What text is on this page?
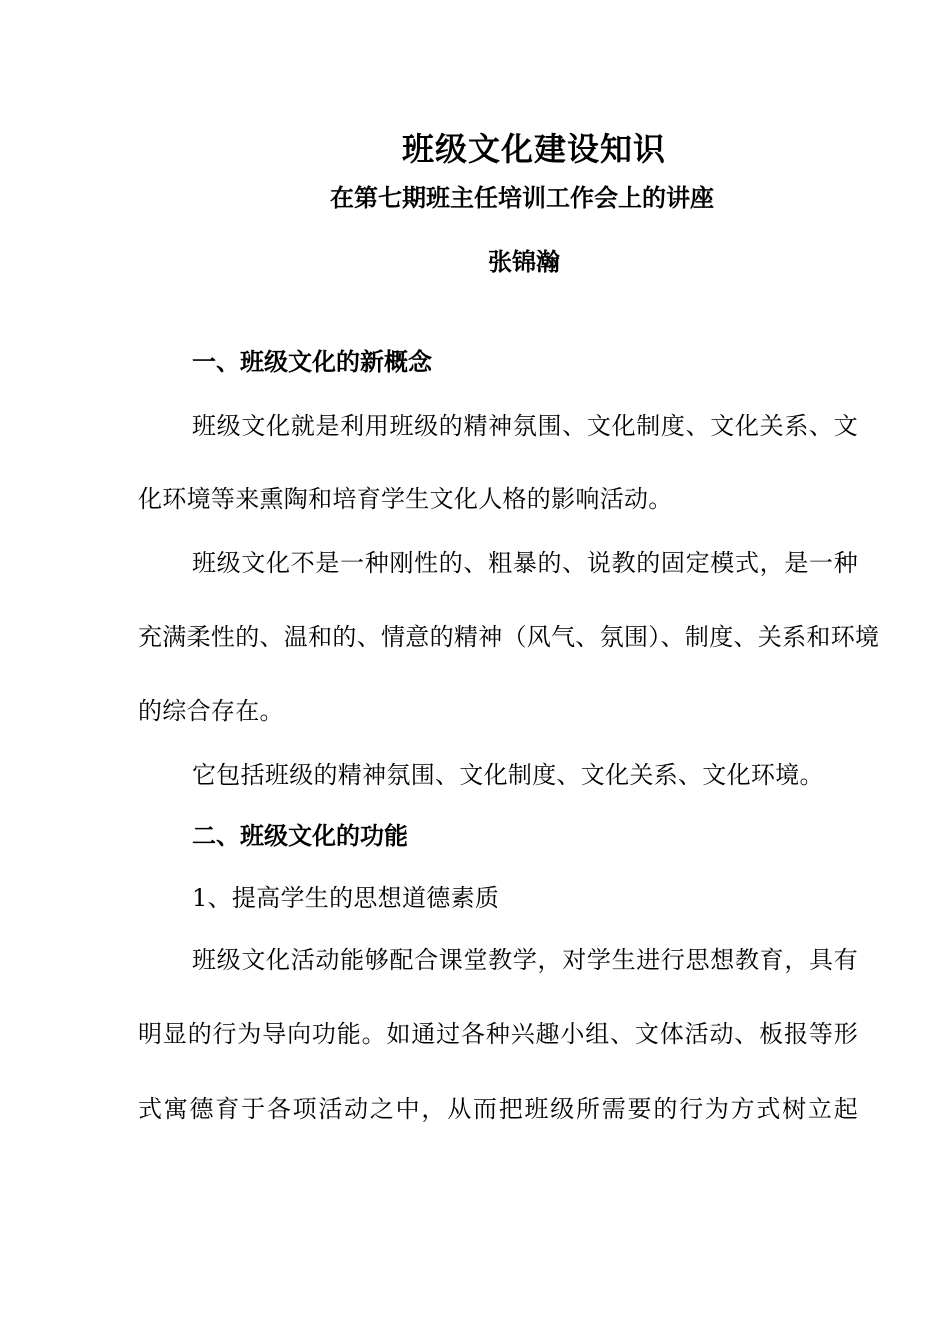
班级文化建设知识
在第七期班主任培训工作会上的讲座
张锦瀚
一、班级文化的新概念
班级文化就是利用班级的精神氛围、文化制度、文化关系、文
化环境等来熏陶和培育学生文化人格的影响活动。
班级文化不是一种刚性的、粗暴的、说教的固定模式，是一种
充满柔性的、温和的、情意的精神（风气、氛围）、制度、关系和环境
的综合存在。
它包括班级的精神氛围、文化制度、文化关系、文化环境。
二、班级文化的功能
1、提高学生的思想道德素质
班级文化活动能够配合课堂教学，对学生进行思想教育，具有
明显的行为导向功能。如通过各种兴趣小组、文体活动、板报等形
式寓德育于各项活动之中，从而把班级所需要的行为方式树立起
